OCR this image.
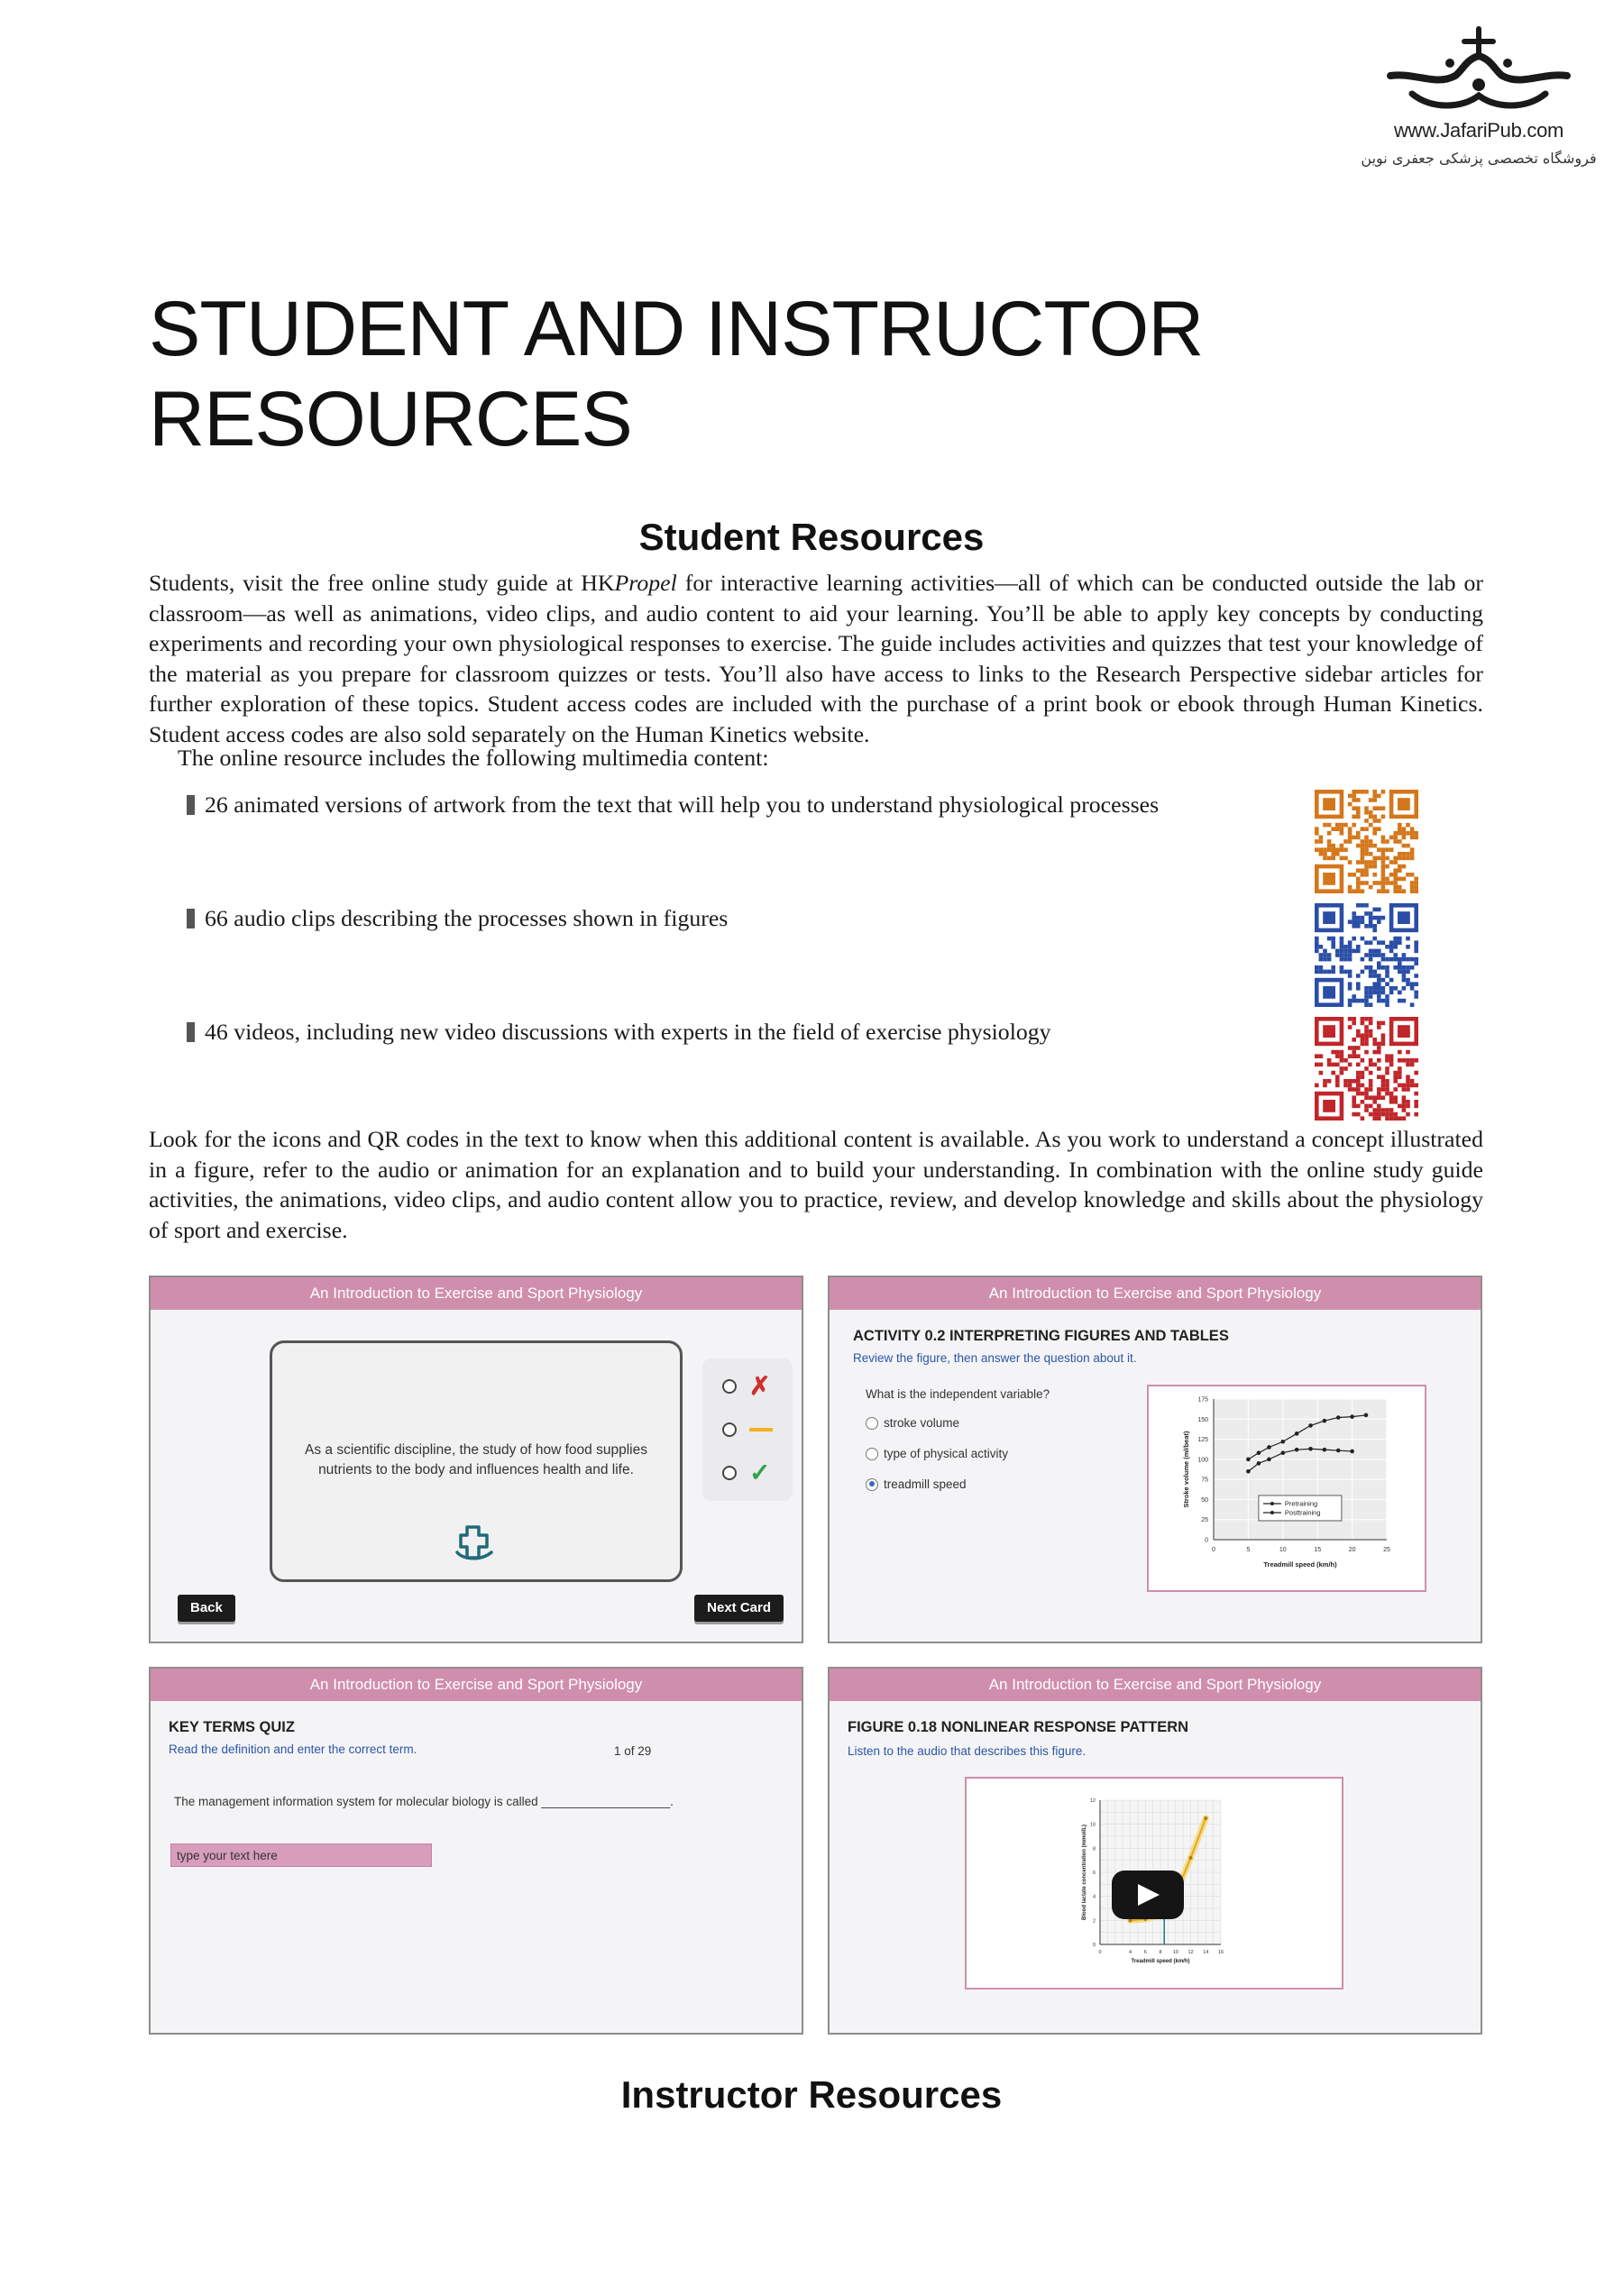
www.JafariPub.com
فروشگاه تخصصی پزشکی جعفری نوین
STUDENT AND INSTRUCTOR
RESOURCES
Student Resources

Students, visit the free online study guide at HKPropel for interactive learning activities—all of which can be conducted outside the lab or classroom—as well as animations, video clips, and audio content to aid your learning. You’ll be able to apply key concepts by conducting experiments and recording your own physiological responses to exercise. The guide includes activities and quizzes that test your knowledge of the material as you prepare for classroom quizzes or tests. You’ll also have access to links to the Research Perspective sidebar articles for further exploration of these topics. Student access codes are included with the purchase of a print book or ebook through Human Kinetics. Student access codes are also sold separately on the Human Kinetics website.

The online resource includes the following multimedia content:

26 animated versions of artwork from the text that will help you to understand physiological processes
66 audio clips describing the processes shown in figures
46 videos, including new video discussions with experts in the field of exercise physiology

Look for the icons and QR codes in the text to know when this additional content is available. As you work to understand a concept illustrated in a figure, refer to the audio or animation for an explanation and to build your understanding. In combination with the online study guide activities, the animations, video clips, and audio content allow you to practice, review, and develop knowledge and skills about the physiology of sport and exercise.

An Introduction to Exercise and Sport Physiology
As a scientific discipline, the study of how food supplies nutrients to the body and influences health and life.
✗
✓
Back	Next Card
An Introduction to Exercise and Sport Physiology
ACTIVITY 0.2 INTERPRETING FIGURES AND TABLES
Review the figure, then answer the question about it.
What is the independent variable?
stroke volume
type of physical activity
treadmill speed
0	5	10	15	20	25
0
25
50
75
100
125
150
175
Treadmill speed (km/h)
Stroke volume (ml/beat)	Pretraining
Posttraining
An Introduction to Exercise and Sport Physiology
KEY TERMS QUIZ
Read the definition and enter the correct term.	1 of 29
The management information system for molecular biology is called ___________________.
type your text here
An Introduction to Exercise and Sport Physiology
FIGURE 0.18 NONLINEAR RESPONSE PATTERN
Listen to the audio that describes this figure.
0	4 6 8 10 12 14 16
0
2
4
6
8
10
12
Treadmill speed (km/h)
Blood lactate concentration (mmol/L)
Instructor Resources
